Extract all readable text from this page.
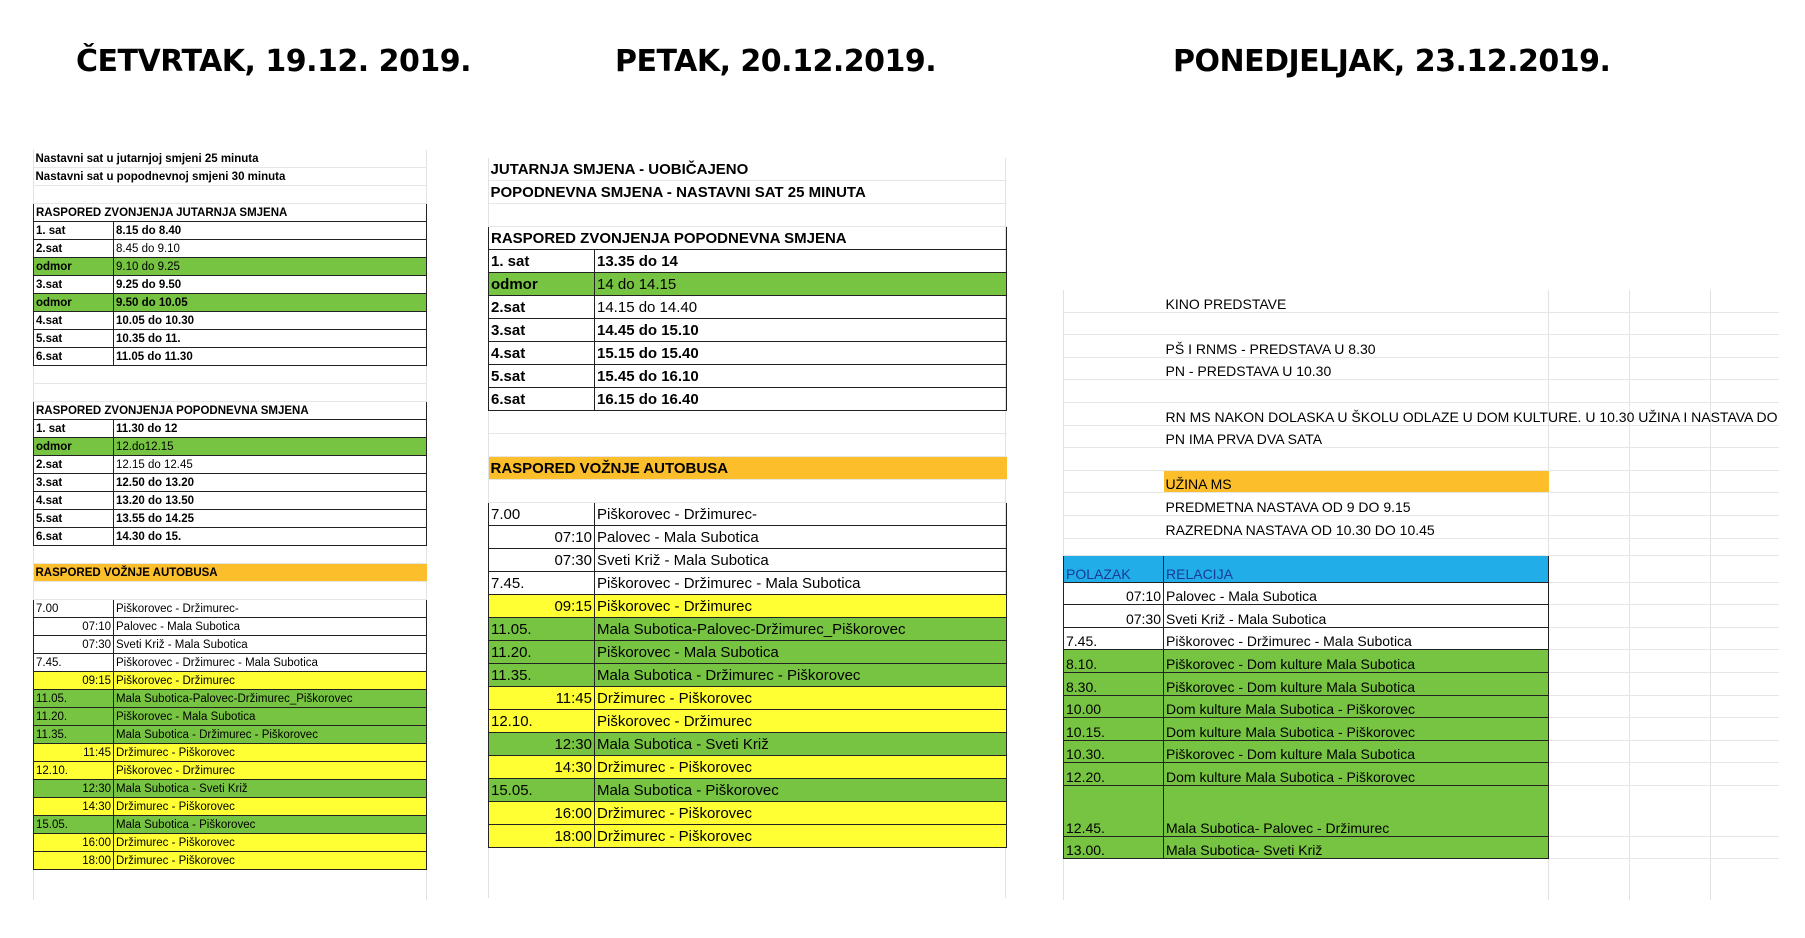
ČETVRTAK, 19.12. 2019.	PETAK, 20.12.2019.	PONEDJELJAK, 23.12.2019.
Nastavni sat u jutarnjoj smjeni 25 minuta	
Nastavni sat u popodnevnoj smjeni 30 minuta	

RASPORED ZVONJENJA JUTARNJA SMJENA	
1. sat	8.15 do 8.40
2.sat	8.45 do 9.10
odmor	9.10 do 9.25
3.sat	9.25 do 9.50
odmor	9.50 do 10.05
4.sat	10.05 do 10.30
5.sat	10.35 do 11.
6.sat	11.05 do 11.30

RASPORED ZVONJENJA POPODNEVNA SMJENA	
1. sat	11.30 do 12
odmor	12.do12.15
2.sat	12.15 do 12.45
3.sat	12.50 do 13.20
4.sat	13.20 do 13.50
5.sat	13.55 do 14.25
6.sat	14.30 do 15.

RASPORED VOŽNJE AUTOBUSA	

7.00	Piškorovec - Držimurec-
07:10	Palovec - Mala Subotica
07:30	Sveti Križ - Mala Subotica
7.45.	Piškorovec - Držimurec - Mala Subotica
09:15	Piškorovec - Držimurec
11.05.	Mala Subotica-Palovec-Držimurec_Piškorovec
11.20.	Piškorovec - Mala Subotica
11.35.	Mala Subotica - Držimurec - Piškorovec
11:45	Držimurec - Piškorovec
12.10.	Piškorovec - Držimurec
12:30	Mala Subotica - Sveti Križ
14:30	Držimurec - Piškorovec
15.05.	Mala Subotica - Piškorovec
16:00	Držimurec - Piškorovec
18:00	Držimurec - Piškorovec
JUTARNJA SMJENA - UOBIČAJENO	
POPODNEVNA SMJENA - NASTAVNI SAT 25 MINUTA	

RASPORED ZVONJENJA POPODNEVNA SMJENA	
1. sat	13.35 do 14
odmor	14 do 14.15
2.sat	14.15 do 14.40
3.sat	14.45 do 15.10
4.sat	15.15 do 15.40
5.sat	15.45 do 16.10
6.sat	16.15 do 16.40

RASPORED VOŽNJE AUTOBUSA	

7.00	Piškorovec - Držimurec-
07:10	Palovec - Mala Subotica
07:30	Sveti Križ - Mala Subotica
7.45.	Piškorovec - Držimurec - Mala Subotica
09:15	Piškorovec - Držimurec
11.05.	Mala Subotica-Palovec-Držimurec_Piškorovec
11.20.	Piškorovec - Mala Subotica
11.35.	Mala Subotica - Držimurec - Piškorovec
11:45	Držimurec - Piškorovec
12.10.	Piškorovec - Držimurec
12:30	Mala Subotica - Sveti Križ
14:30	Držimurec - Piškorovec
15.05.	Mala Subotica - Piškorovec
16:00	Držimurec - Piškorovec
18:00	Držimurec - Piškorovec
	KINO PREDSTAVE	

	PŠ I RNMS - PREDSTAVA U 8.30	
	PN - PREDSTAVA U 10.30	

	RN MS NAKON DOLASKA U ŠKOLU ODLAZE U DOM KULTURE. U 10.30 UŽINA I NASTAVA DO	
	PN IMA PRVA DVA SATA	

	UŽINA MS	
	PREDMETNA NASTAVA OD 9 DO 9.15	
	RAZREDNA NASTAVA OD 10.30 DO 10.45	

POLAZAK	RELACIJA	
07:10	Palovec - Mala Subotica	
07:30	Sveti Križ - Mala Subotica	
7.45.	Piškorovec - Držimurec - Mala Subotica	
8.10.	Piškorovec - Dom kulture Mala Subotica	
8.30.	Piškorovec - Dom kulture Mala Subotica	
10.00	Dom kulture Mala Subotica - Piškorovec	
10.15.	Dom kulture Mala Subotica - Piškorovec	
10.30.	Piškorovec - Dom kulture Mala Subotica	
12.20.	Dom kulture Mala Subotica - Piškorovec	
12.45.	Mala Subotica- Palovec - Držimurec	
13.00.	Mala Subotica- Sveti Križ	
